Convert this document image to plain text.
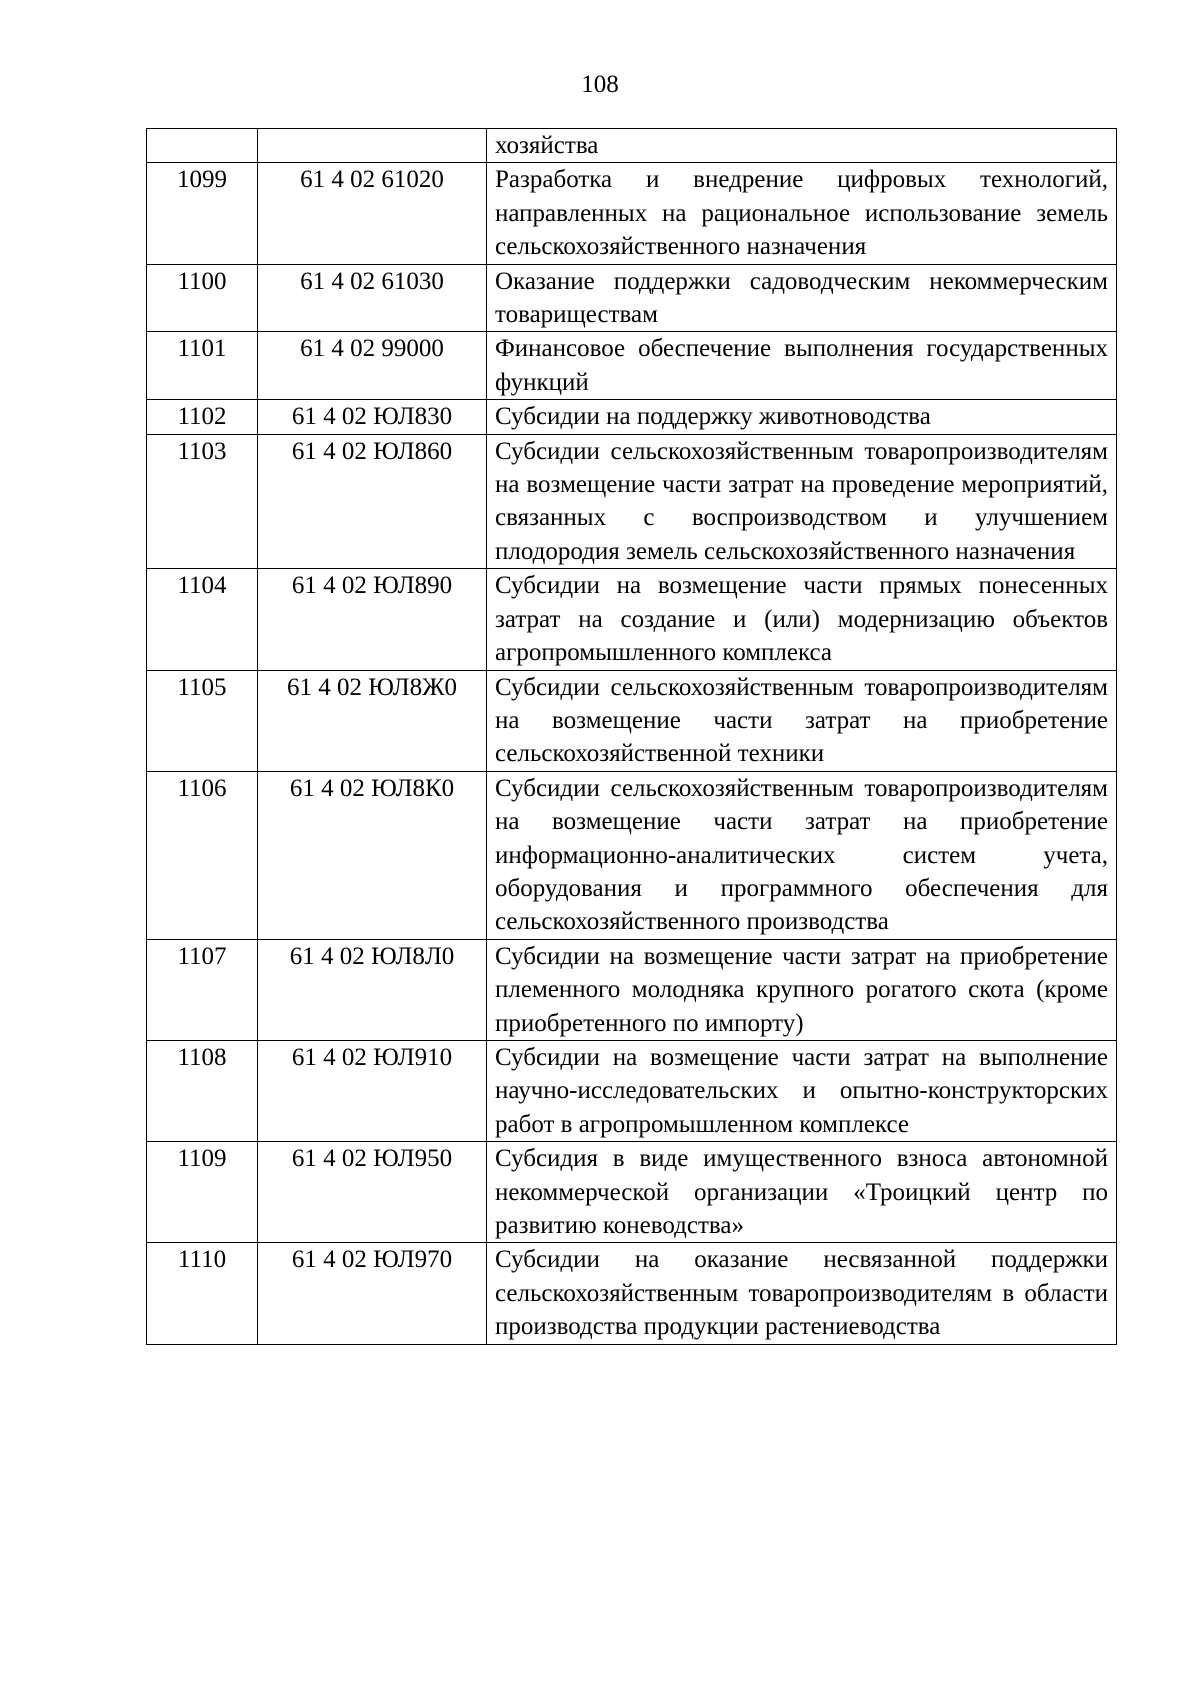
108
		хозяйства
1099	61 4 02 61020	Разработка и внедрение цифровых технологий, направленных на рациональное использование земель сельскохозяйственного назначения
1100	61 4 02 61030	Оказание поддержки садоводческим некоммерческим товариществам
1101	61 4 02 99000	Финансовое обеспечение выполнения государственных функций
1102	61 4 02 ЮЛ830	Субсидии на поддержку животноводства
1103	61 4 02 ЮЛ860	Субсидии сельскохозяйственным товаропроизводителям на возмещение части затрат на проведение мероприятий, связанных с воспроизводством и улучшением плодородия земель сельскохозяйственного назначения
1104	61 4 02 ЮЛ890	Субсидии на возмещение части прямых понесенных затрат на создание и (или) модернизацию объектов агропромышленного комплекса
1105	61 4 02 ЮЛ8Ж0	Субсидии сельскохозяйственным товаропроизводителям на возмещение части затрат на приобретение сельскохозяйственной техники
1106	61 4 02 ЮЛ8К0	Субсидии сельскохозяйственным товаропроизводителям на возмещение части затрат на приобретение информационно-аналитических систем учета, оборудования и программного обеспечения для сельскохозяйственного производства
1107	61 4 02 ЮЛ8Л0	Субсидии на возмещение части затрат на приобретение племенного молодняка крупного рогатого скота (кроме приобретенного по импорту)
1108	61 4 02 ЮЛ910	Субсидии на возмещение части затрат на выполнение научно-исследовательских и опытно-конструкторских работ в агропромышленном комплексе
1109	61 4 02 ЮЛ950	Субсидия в виде имущественного взноса автономной некоммерческой организации «Троицкий центр по развитию коневодства»
1110	61 4 02 ЮЛ970	Субсидии на оказание несвязанной поддержки сельскохозяйственным товаропроизводителям в области производства продукции растениеводства
